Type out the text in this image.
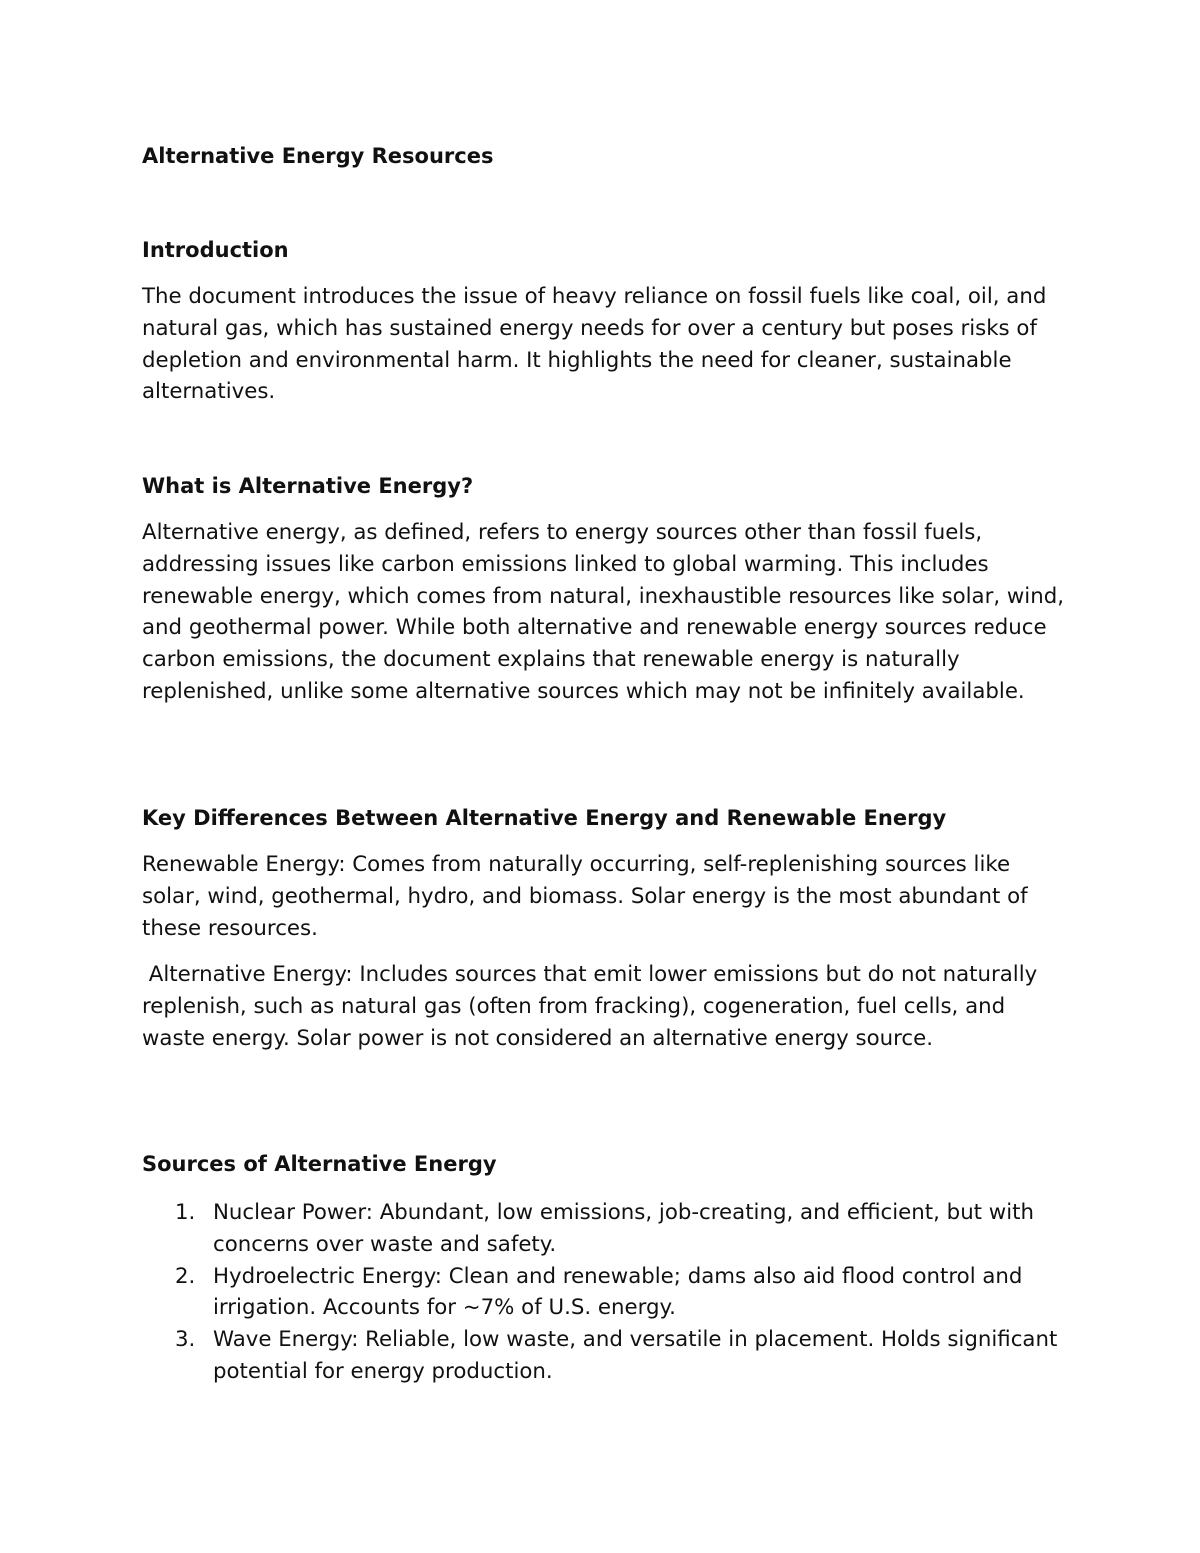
Alternative Energy Resources
Introduction

The document introduces the issue of heavy reliance on fossil fuels like coal, oil, and natural gas, which has sustained energy needs for over a century but poses risks of depletion and environmental harm. It highlights the need for cleaner, sustainable alternatives.

What is Alternative Energy?

Alternative energy, as defined, refers to energy sources other than fossil fuels, addressing issues like carbon emissions linked to global warming. This includes renewable energy, which comes from natural, inexhaustible resources like solar, wind, and geothermal power. While both alternative and renewable energy sources reduce carbon emissions, the document explains that renewable energy is naturally replenished, unlike some alternative sources which may not be infinitely available.

Key Differences Between Alternative Energy and Renewable Energy

Renewable Energy: Comes from naturally occurring, self-replenishing sources like solar, wind, geothermal, hydro, and biomass. Solar energy is the most abundant of these resources.

Alternative Energy: Includes sources that emit lower emissions but do not naturally replenish, such as natural gas (often from fracking), cogeneration, fuel cells, and waste energy. Solar power is not considered an alternative energy source.

Sources of Alternative Energy
1. Nuclear Power: Abundant, low emissions, job-creating, and efficient, but with concerns over waste and safety.
2. Hydroelectric Energy: Clean and renewable; dams also aid flood control and irrigation. Accounts for ~7% of U.S. energy.
3. Wave Energy: Reliable, low waste, and versatile in placement. Holds significant potential for energy production.
